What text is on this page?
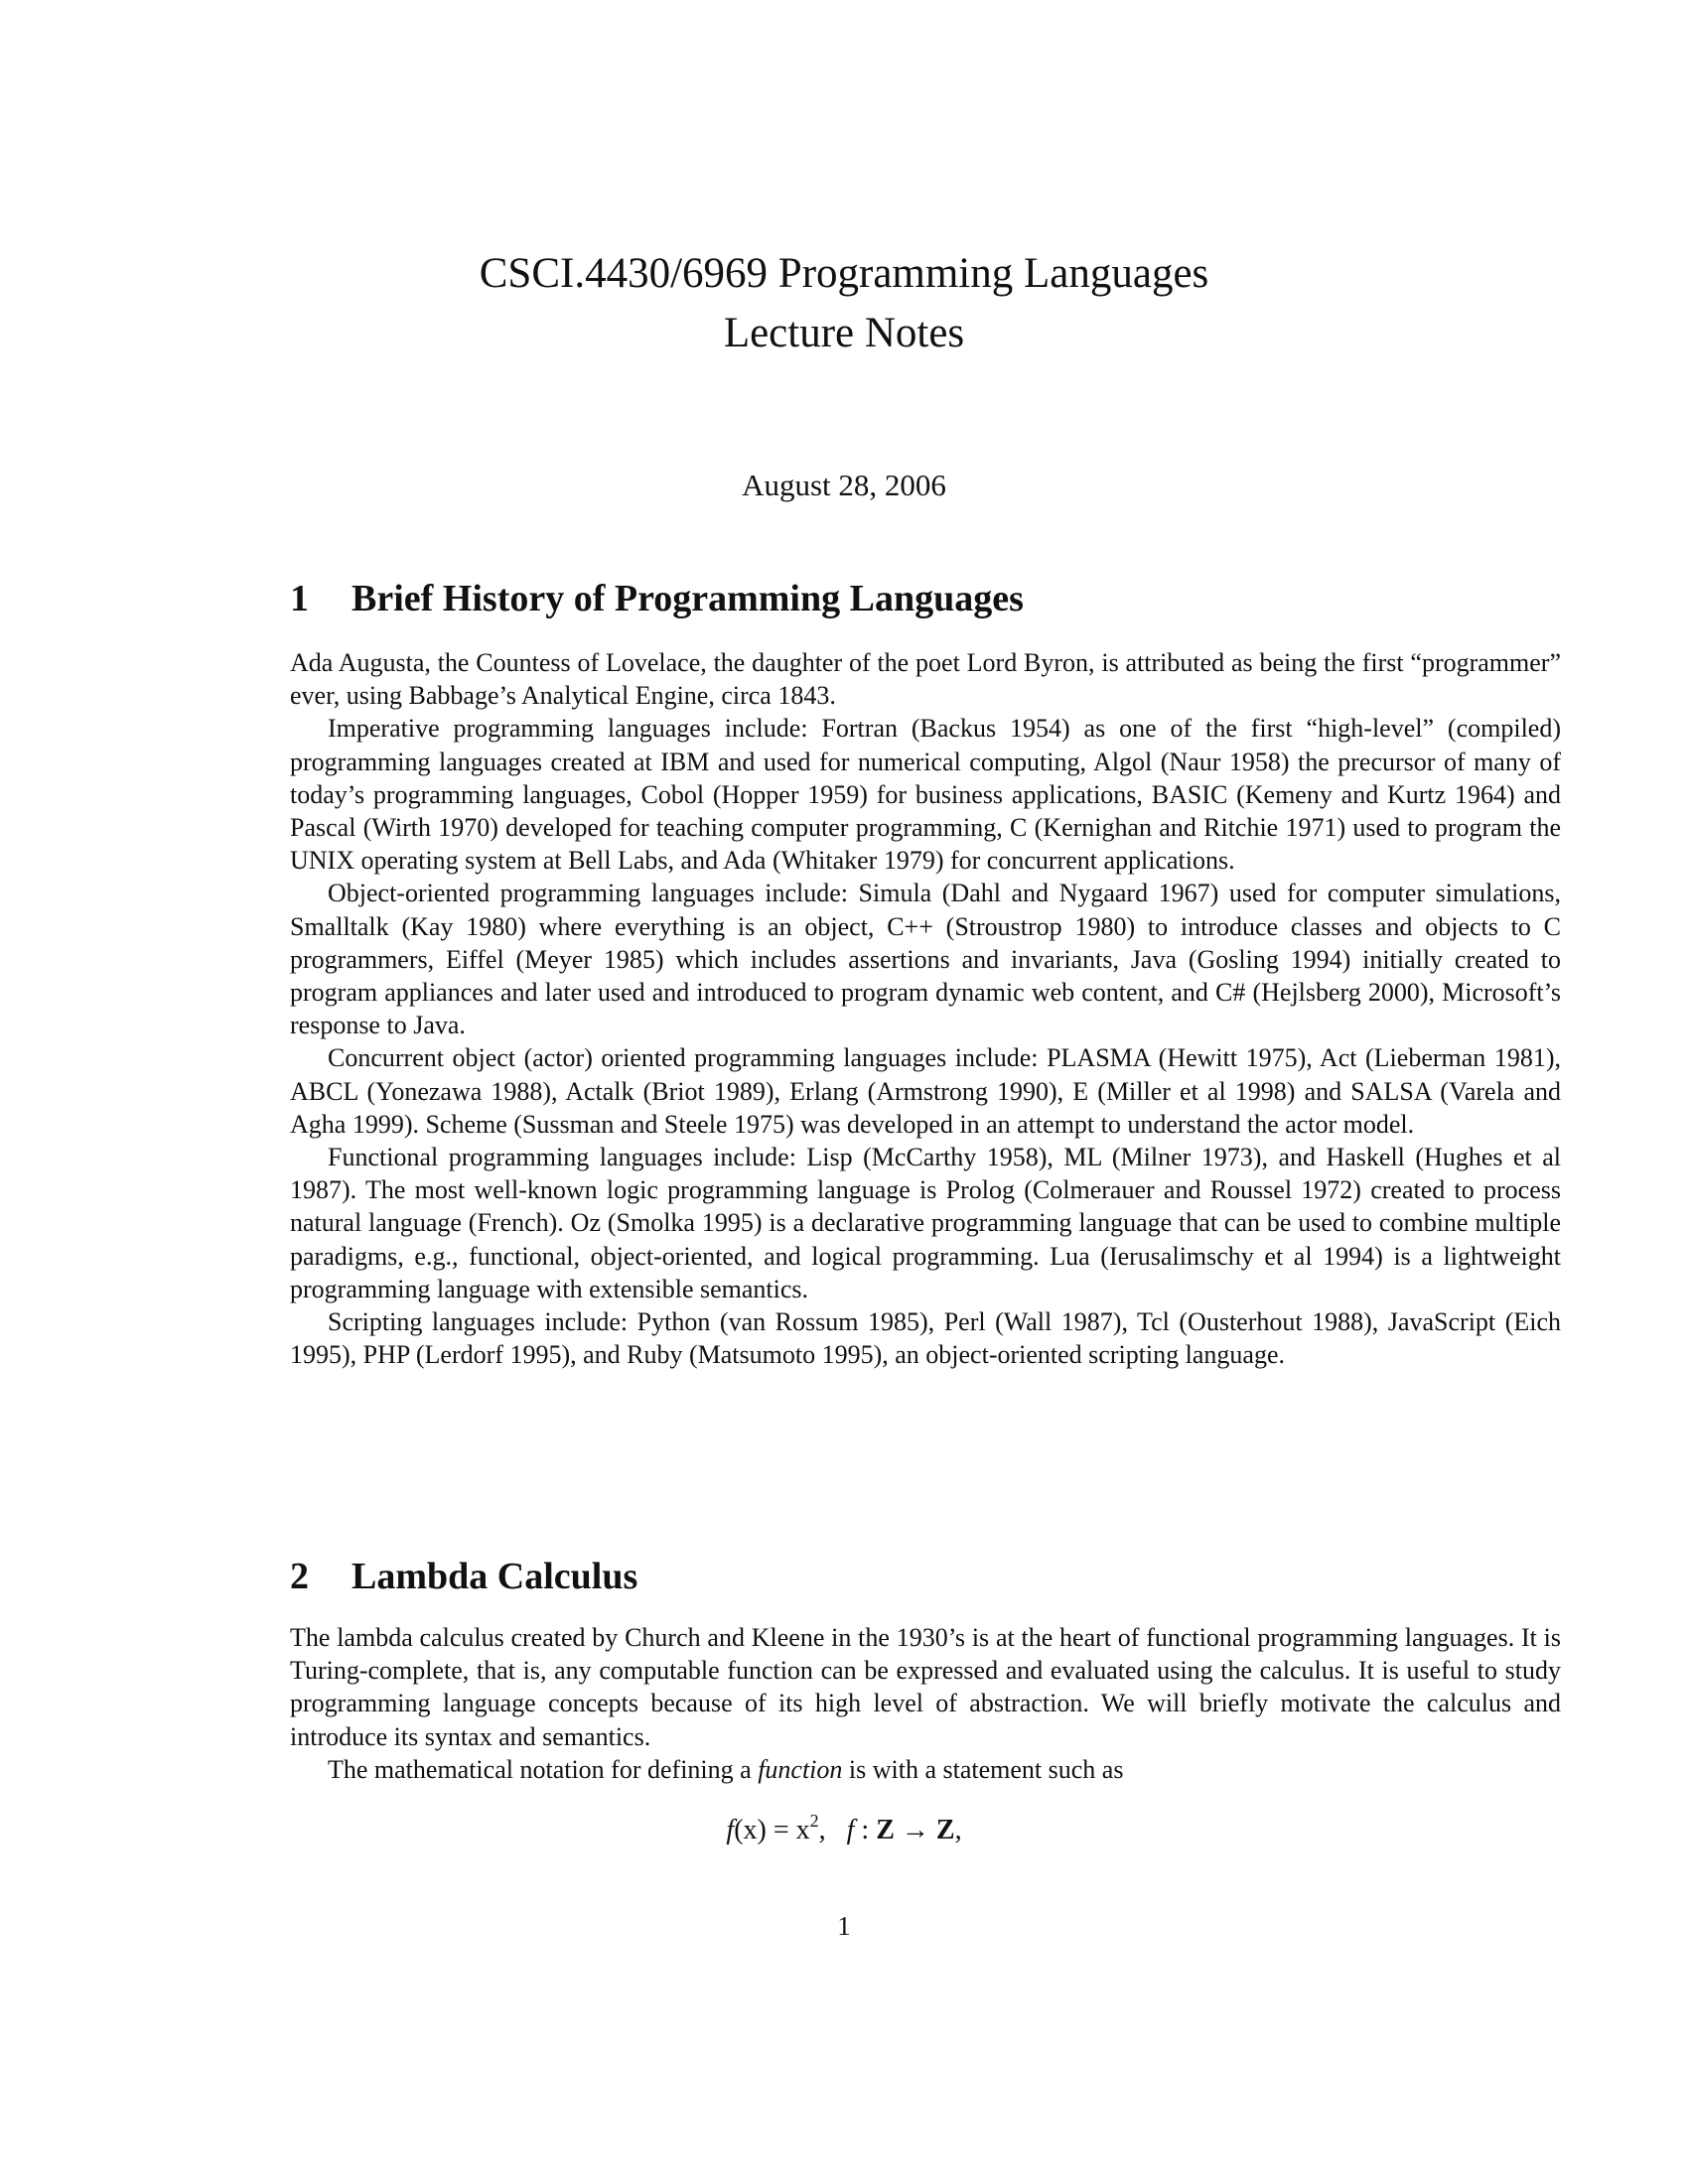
CSCI.4430/6969 Programming Languages
Lecture Notes
August 28, 2006
1 Brief History of Programming Languages

Ada Augusta, the Countess of Lovelace, the daughter of the poet Lord Byron, is attributed as being the first “programmer” ever, using Babbage’s Analytical Engine, circa 1843.

Imperative programming languages include: Fortran (Backus 1954) as one of the first “high-level” (compiled) programming languages created at IBM and used for numerical computing, Algol (Naur 1958) the precursor of many of today’s programming languages, Cobol (Hopper 1959) for business applications, BASIC (Kemeny and Kurtz 1964) and Pascal (Wirth 1970) developed for teaching computer programming, C (Kernighan and Ritchie 1971) used to program the UNIX operating system at Bell Labs, and Ada (Whitaker 1979) for concurrent applications.

Object-oriented programming languages include: Simula (Dahl and Nygaard 1967) used for computer simulations, Smalltalk (Kay 1980) where everything is an object, C++ (Stroustrop 1980) to introduce classes and objects to C programmers, Eiffel (Meyer 1985) which includes assertions and invariants, Java (Gosling 1994) initially created to program appliances and later used and introduced to program dynamic web content, and C# (Hejlsberg 2000), Microsoft’s response to Java.

Concurrent object (actor) oriented programming languages include: PLASMA (Hewitt 1975), Act (Lieberman 1981), ABCL (Yonezawa 1988), Actalk (Briot 1989), Erlang (Armstrong 1990), E (Miller et al 1998) and SALSA (Varela and Agha 1999). Scheme (Sussman and Steele 1975) was developed in an attempt to understand the actor model.

Functional programming languages include: Lisp (McCarthy 1958), ML (Milner 1973), and Haskell (Hughes et al 1987). The most well-known logic programming language is Prolog (Colmerauer and Roussel 1972) created to process natural language (French). Oz (Smolka 1995) is a declarative programming language that can be used to combine multiple paradigms, e.g., functional, object-oriented, and logical programming. Lua (Ierusalimschy et al 1994) is a lightweight programming language with extensible semantics.

Scripting languages include: Python (van Rossum 1985), Perl (Wall 1987), Tcl (Ousterhout 1988), JavaScript (Eich 1995), PHP (Lerdorf 1995), and Ruby (Matsumoto 1995), an object-oriented scripting language.

2 Lambda Calculus

The lambda calculus created by Church and Kleene in the 1930’s is at the heart of functional programming languages. It is Turing-complete, that is, any computable function can be expressed and evaluated using the calculus. It is useful to study programming language concepts because of its high level of abstraction. We will briefly motivate the calculus and introduce its syntax and semantics.

The mathematical notation for defining a function is with a statement such as

$f(x) = x^2$,   f : Z → Z,
1
